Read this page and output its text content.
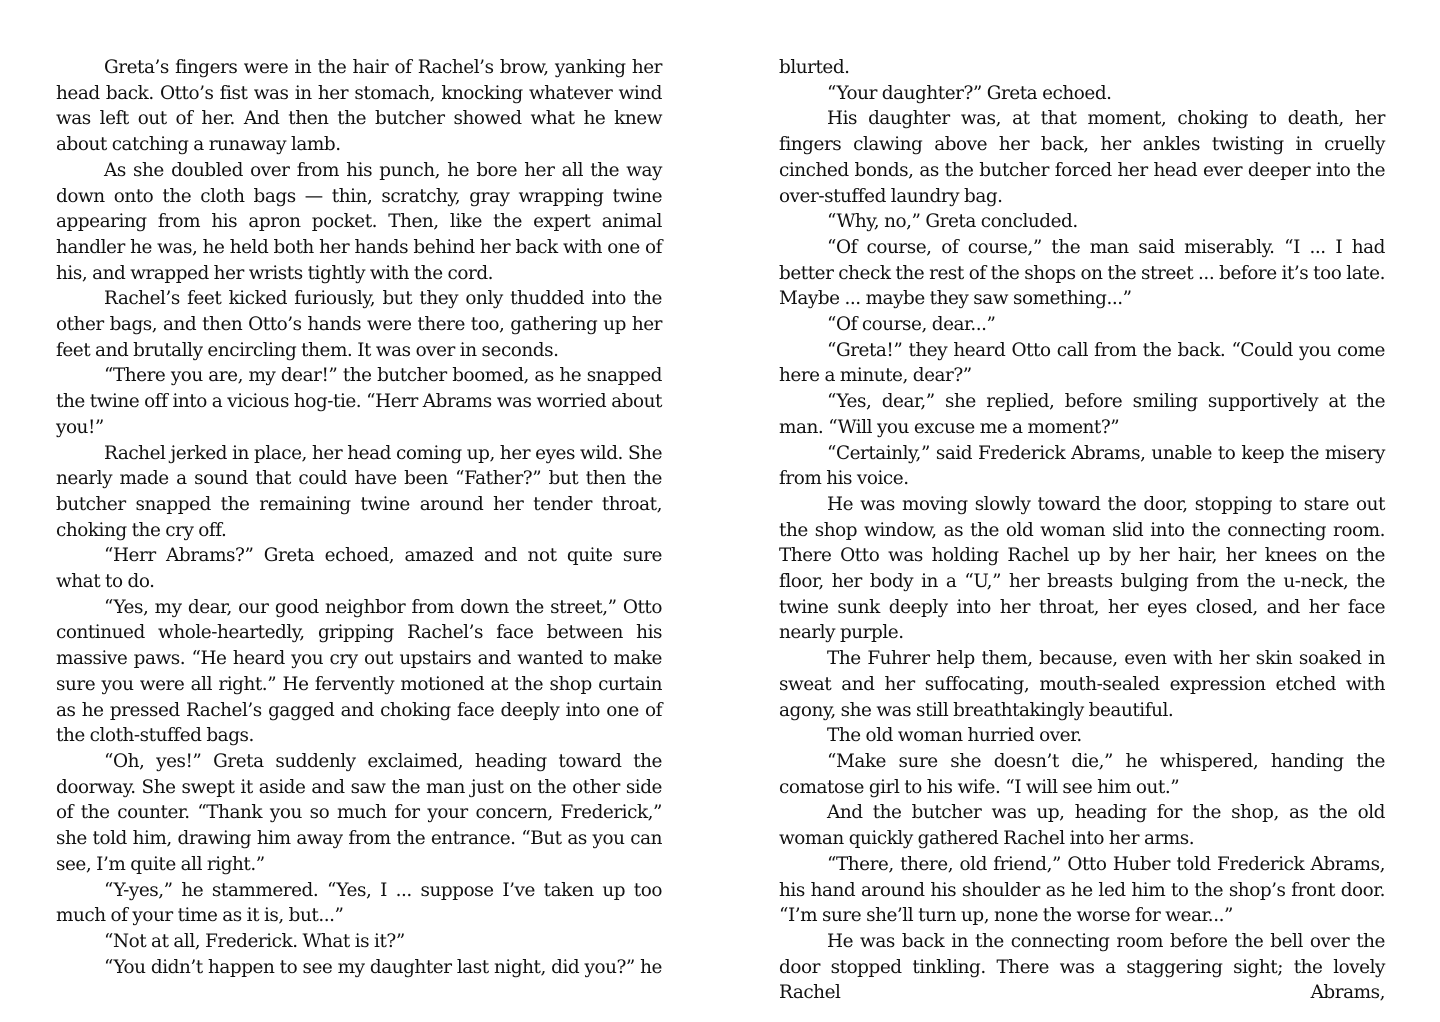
Greta’s fingers were in the hair of Rachel’s brow, yanking her head back. Otto’s fist was in her stomach, knocking whatever wind was left out of her. And then the butcher showed what he knew about catching a runaway lamb.

As she doubled over from his punch, he bore her all the way down onto the cloth bags — thin, scratchy, gray wrapping twine appearing from his apron pocket. Then, like the expert animal handler he was, he held both her hands behind her back with one of his, and wrapped her wrists tightly with the cord.

Rachel’s feet kicked furiously, but they only thudded into the other bags, and then Otto’s hands were there too, gathering up her feet and brutally encircling them. It was over in seconds.

“There you are, my dear!” the butcher boomed, as he snapped the twine off into a vicious hog-tie. “Herr Abrams was worried about you!”

Rachel jerked in place, her head coming up, her eyes wild. She nearly made a sound that could have been “Father?” but then the butcher snapped the remaining twine around her tender throat, choking the cry off.

“Herr Abrams?” Greta echoed, amazed and not quite sure what to do.

“Yes, my dear, our good neighbor from down the street,” Otto continued whole-heartedly, gripping Rachel’s face between his massive paws. “He heard you cry out upstairs and wanted to make sure you were all right.” He fervently motioned at the shop curtain as he pressed Rachel’s gagged and choking face deeply into one of the cloth-stuffed bags.

“Oh, yes!” Greta suddenly exclaimed, heading toward the doorway. She swept it aside and saw the man just on the other side of the counter. “Thank you so much for your concern, Frederick,” she told him, drawing him away from the entrance. “But as you can see, I’m quite all right.”

“Y-yes,” he stammered. “Yes, I ... suppose I’ve taken up too much of your time as it is, but...”

“Not at all, Frederick. What is it?”

“You didn’t happen to see my daughter last night, did you?” he

blurted.

“Your daughter?” Greta echoed.

His daughter was, at that moment, choking to death, her fingers clawing above her back, her ankles twisting in cruelly cinched bonds, as the butcher forced her head ever deeper into the over-stuffed laundry bag.

“Why, no,” Greta concluded.

“Of course, of course,” the man said miserably. “I ... I had better check the rest of the shops on the street ... before it’s too late. Maybe ... maybe they saw something...”

“Of course, dear...”

“Greta!” they heard Otto call from the back. “Could you come here a minute, dear?”

“Yes, dear,” she replied, before smiling supportively at the man. “Will you excuse me a moment?”

“Certainly,” said Frederick Abrams, unable to keep the misery from his voice.

He was moving slowly toward the door, stopping to stare out the shop window, as the old woman slid into the connecting room. There Otto was holding Rachel up by her hair, her knees on the floor, her body in a “U,” her breasts bulging from the u-neck, the twine sunk deeply into her throat, her eyes closed, and her face nearly purple.

The Fuhrer help them, because, even with her skin soaked in sweat and her suffocating, mouth-sealed expression etched with agony, she was still breathtakingly beautiful.

The old woman hurried over.

“Make sure she doesn’t die,” he whispered, handing the comatose girl to his wife. “I will see him out.”

And the butcher was up, heading for the shop, as the old woman quickly gathered Rachel into her arms.

“There, there, old friend,” Otto Huber told Frederick Abrams, his hand around his shoulder as he led him to the shop’s front door. “I’m sure she’ll turn up, none the worse for wear...”

He was back in the connecting room before the bell over the door stopped tinkling. There was a staggering sight; the lovely Rachel Abrams,
